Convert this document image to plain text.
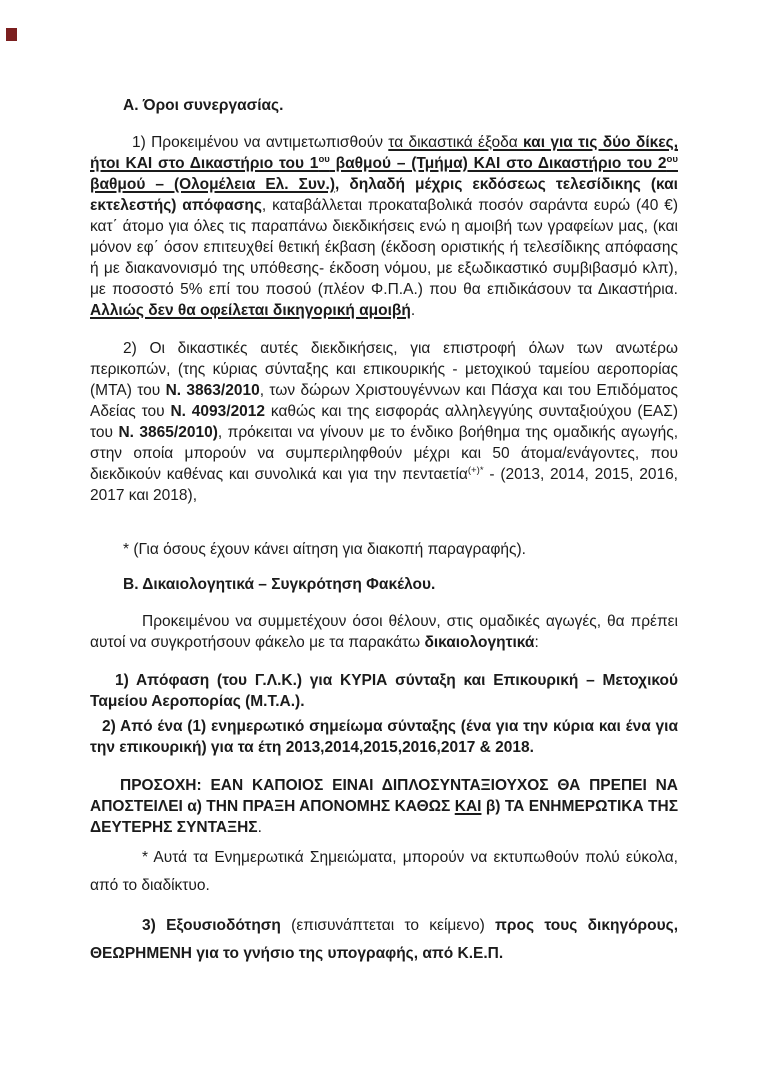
Α. Όροι συνεργασίας.
1) Προκειμένου να αντιμετωπισθούν τα δικαστικά έξοδα και για τις δύο δίκες, ήτοι ΚΑΙ στο Δικαστήριο του $1^{o\upsilon}$ βαθμού – (Τμήμα) ΚΑΙ στο Δικαστήριο του $2^{o\upsilon}$ βαθμού – (Ολομέλεια Ελ. Συν.), δηλαδή μέχρις εκδόσεως τελεσίδικης (και εκτελεστής) απόφασης, καταβάλλεται προκαταβολικά ποσόν σαράντα ευρώ (40 €) κατ΄ άτομο για όλες τις παραπάνω διεκδικήσεις ενώ η αμοιβή των γραφείων μας, (και μόνον εφ΄ όσον επιτευχθεί θετική έκβαση (έκδοση οριστικής ή τελεσίδικης απόφασης ή με διακανονισμό της υπόθεσης- έκδοση νόμου, με εξωδικαστικό συμβιβασμό κλπ), με ποσοστό 5% επί του ποσού (πλέον Φ.Π.Α.) που θα επιδικάσουν τα Δικαστήρια. Αλλιώς δεν θα οφείλεται δικηγορική αμοιβή.
2) Οι δικαστικές αυτές διεκδικήσεις, για επιστροφή όλων των ανωτέρω περικοπών, (της κύριας σύνταξης και επικουρικής - μετοχικού ταμείου αεροπορίας (ΜΤΑ) του Ν. 3863/2010, των δώρων Χριστουγέννων και Πάσχα και του Επιδόματος Αδείας του Ν. 4093/2012 καθώς και της εισφοράς αλληλεγγύης συνταξιούχου (ΕΑΣ) του Ν. 3865/2010), πρόκειται να γίνουν με το ένδικο βοήθημα της ομαδικής αγωγής, στην οποία μπορούν να συμπεριληφθούν μέχρι και 50 άτομα/ενάγοντες, που διεκδικούν καθένας και συνολικά και για την πενταετία(+)* - (2013, 2014, 2015, 2016, 2017 και 2018),
* (Για όσους έχουν κάνει αίτηση για διακοπή παραγραφής).
Β. Δικαιολογητικά – Συγκρότηση Φακέλου.
Προκειμένου να συμμετέχουν όσοι θέλουν, στις ομαδικές αγωγές, θα πρέπει αυτοί να συγκροτήσουν φάκελο με τα παρακάτω δικαιολογητικά:
1) Απόφαση (του Γ.Λ.Κ.) για ΚΥΡΙΑ σύνταξη και Επικουρική – Μετοχικού Ταμείου Αεροπορίας (Μ.Τ.Α.).
2) Από ένα (1) ενημερωτικό σημείωμα σύνταξης (ένα για την κύρια και ένα για την επικουρική) για τα έτη 2013,2014,2015,2016,2017 & 2018.
ΠΡΟΣΟΧΗ: ΕΑΝ ΚΑΠΟΙΟΣ ΕΙΝΑΙ ΔΙΠΛΟΣΥΝΤΑΞΙΟΥΧΟΣ ΘΑ ΠΡΕΠΕΙ ΝΑ ΑΠΟΣΤΕΙΛΕΙ α) ΤΗΝ ΠΡΑΞΗ ΑΠΟΝΟΜΗΣ ΚΑΘΩΣ ΚΑΙ β) ΤΑ ΕΝΗΜΕΡΩΤΙΚΑ ΤΗΣ ΔΕΥΤΕΡΗΣ ΣΥΝΤΑΞΗΣ.
* Αυτά τα Ενημερωτικά Σημειώματα, μπορούν να εκτυπωθούν πολύ εύκολα, από το διαδίκτυο.
3) Εξουσιοδότηση (επισυνάπτεται το κείμενο) προς τους δικηγόρους, ΘΕΩΡΗΜΕΝΗ για το γνήσιο της υπογραφής, από Κ.Ε.Π.
